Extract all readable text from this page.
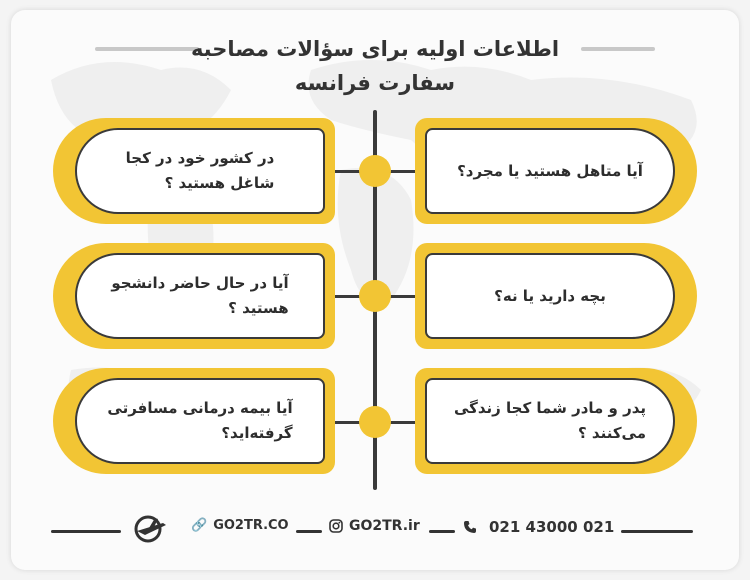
اطلاعات اولیه برای سؤالات مصاحبه
سفارت فرانسه
آیا متاهل هستید یا مجرد؟
بچه دارید یا نه؟
پدر و مادر شما کجا زندگی
می‌کنند ؟
در کشور خود در کجا
شاغل هستید ؟
آیا در حال حاضر دانشجو
هستید ؟
آیا بیمه درمانی مسافرتی
گرفته‌اید؟
🔗 GO2TR.CO	GO2TR.ir	021 43000 021
